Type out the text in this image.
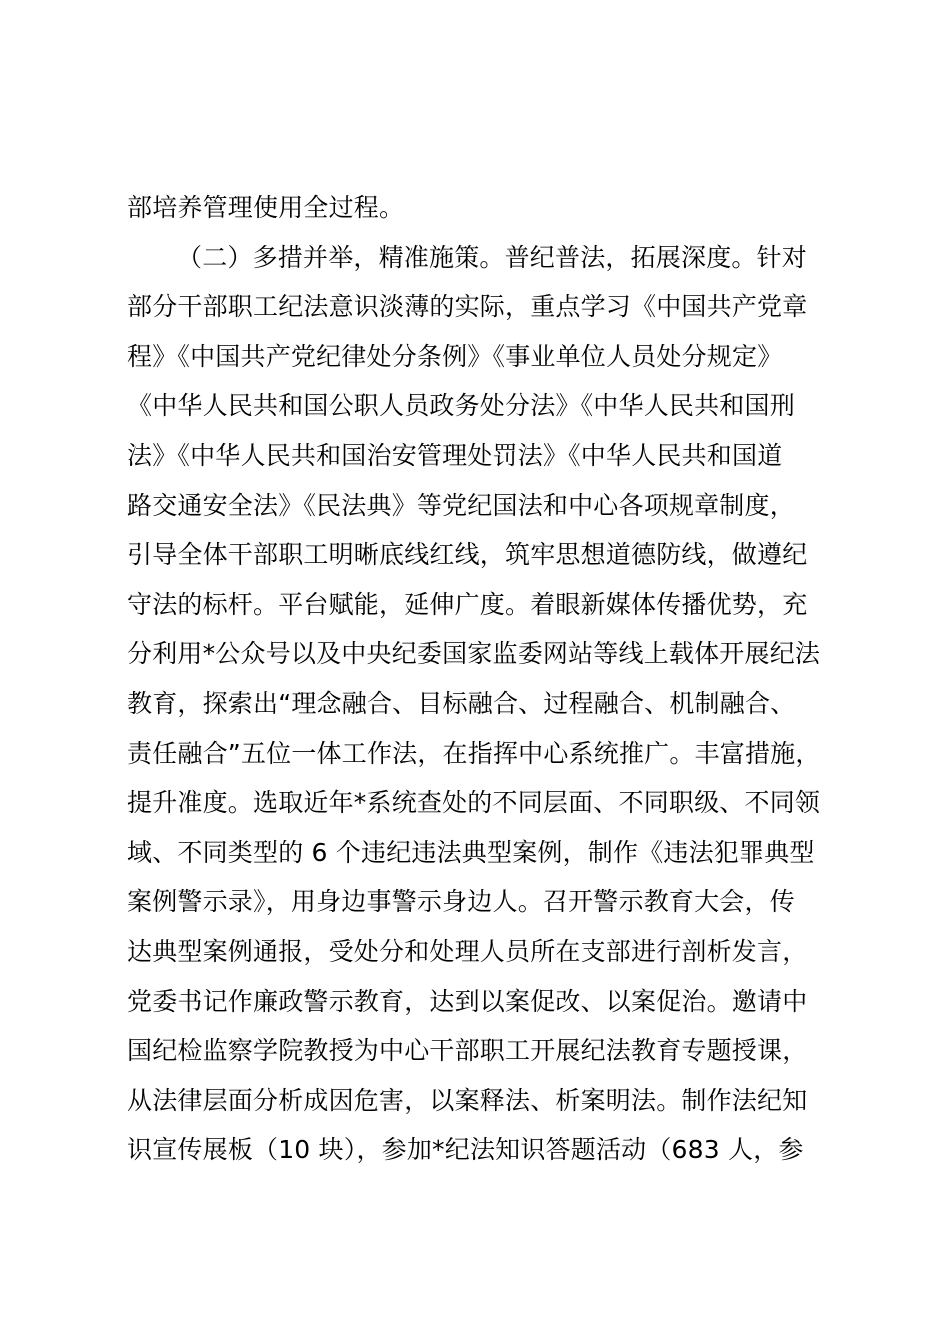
部培养管理使用全过程。
（二）多措并举，精准施策。普纪普法，拓展深度。针对
部分干部职工纪法意识淡薄的实际，重点学习《中国共产党章
程》《中国共产党纪律处分条例》《事业单位人员处分规定》
《中华人民共和国公职人员政务处分法》《中华人民共和国刑
法》《中华人民共和国治安管理处罚法》《中华人民共和国道
路交通安全法》《民法典》等党纪国法和中心各项规章制度，
引导全体干部职工明晰底线红线，筑牢思想道德防线，做遵纪
守法的标杆。平台赋能，延伸广度。着眼新媒体传播优势，充
分利用*公众号以及中央纪委国家监委网站等线上载体开展纪法
教育，探索出“理念融合、目标融合、过程融合、机制融合、
责任融合”五位一体工作法，在指挥中心系统推广。丰富措施，
提升准度。选取近年*系统查处的不同层面、不同职级、不同领
域、不同类型的 6 个违纪违法典型案例，制作《违法犯罪典型
案例警示录》，用身边事警示身边人。召开警示教育大会，传
达典型案例通报，受处分和处理人员所在支部进行剖析发言，
党委书记作廉政警示教育，达到以案促改、以案促治。邀请中
国纪检监察学院教授为中心干部职工开展纪法教育专题授课，
从法律层面分析成因危害，以案释法、析案明法。制作法纪知
识宣传展板（10 块），参加*纪法知识答题活动（683 人，参
